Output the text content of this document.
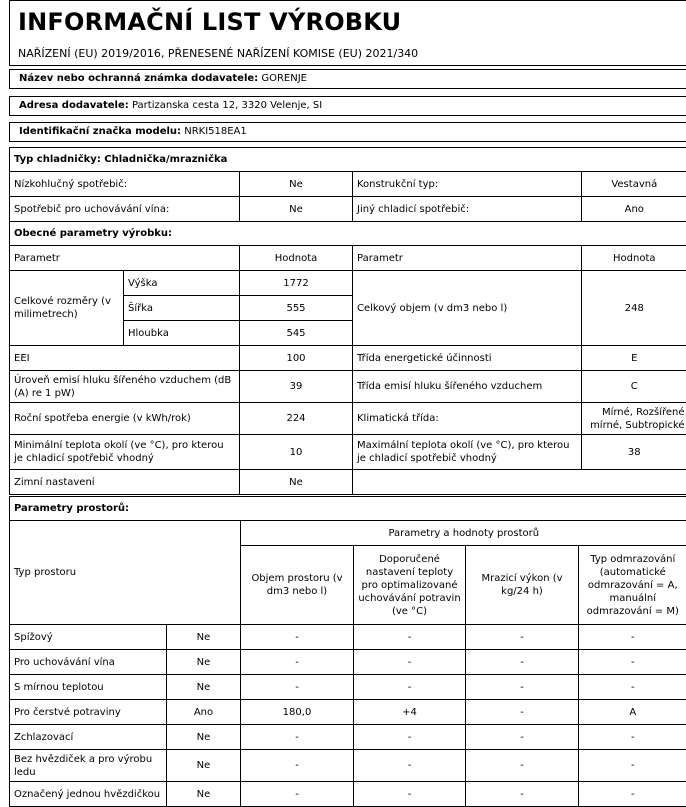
INFORMAČNÍ LIST VÝROBKU
NAŘÍZENÍ (EU) 2019/2016, PŘENESENÉ NAŘÍZENÍ KOMISE (EU) 2021/340
Název nebo ochranná známka dodavatele: GORENJE
Adresa dodavatele: Partizanska cesta 12, 3320 Velenje, SI
Identifikační značka modelu: NRKI518EA1
Typ chladničky: Chladnička/mraznička				
Nízkohlučný spotřebič:		Ne	Konstrukční typ:	Vestavná
Spotřebič pro uchovávání vína:		Ne	Jiný chladicí spotřebič:	Ano
Obecné parametry výrobku:				
Parametr		Hodnota	Parametr	Hodnota
Celkové rozměry (v milimetrech)	Výška	1772	Celkový objem (v dm3 nebo l)	248
	Šířka	555		
	Hloubka	545		
EEI		100	Třída energetické účinnosti	E
Úroveň emisí hluku šířeného vzduchem (dB (A) re 1 pW)		39	Třída emisí hluku šířeného vzduchem	C
Roční spotřeba energie (v kWh/rok)		224	Klimatická třída:	Mírné, Rozšířené mírné, Subtropické
Minimální teplota okolí (ve °C), pro kterou je chladicí spotřebič vhodný		10	Maximální teplota okolí (ve °C), pro kterou je chladicí spotřebič vhodný	38
Zimní nastavení		Ne		
Parametry prostorů:					
Typ prostoru		Parametry a hodnoty prostorů			
		Objem prostoru (v dm3 nebo l)	Doporučené nastavení teploty pro optimalizované uchovávání potravin (ve °C)	Mrazicí výkon (v kg/24 h)	Typ odmrazování (automatické odmrazování = A, manuální odmrazování = M)
Spížový	Ne	-	-	-	-
Pro uchovávání vína	Ne	-	-	-	-
S mírnou teplotou	Ne	-	-	-	-
Pro čerstvé potraviny	Ano	180,0	+4	-	A
Zchlazovací	Ne	-	-	-	-
Bez hvězdiček a pro výrobu ledu	Ne	-	-	-	-
Označený jednou hvězdičkou	Ne	-	-	-	-
